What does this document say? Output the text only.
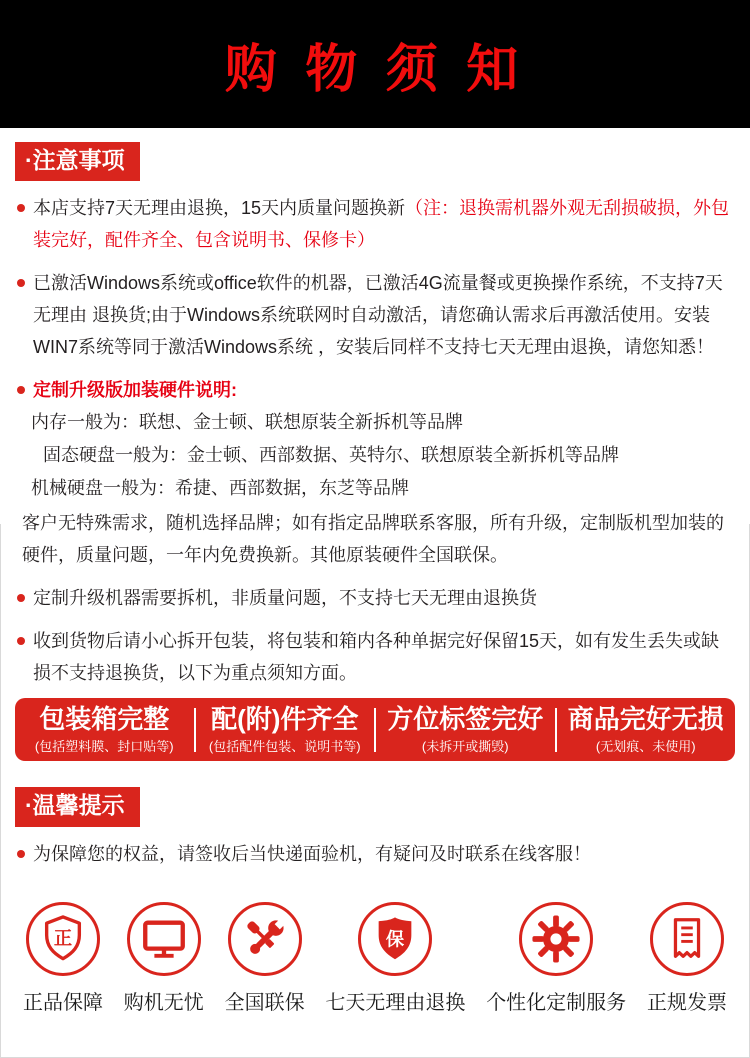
购 物 须 知
·注意事项

本店支持7天无理由退换，15天内质量问题换新（注：退换需机器外观无刮损破损，外包装完好，配件齐全、包含说明书、保修卡）

已激活Windows系统或office软件的机器，已激活4G流量餐或更换操作系统，不支持7天无理由 退换货;由于Windows系统联网时自动激活，请您确认需求后再激活使用。安装WIN7系统等同于激活Windows系统 ，安装后同样不支持七天无理由退换，请您知悉！

定制升级版加装硬件说明:

内存一般为：联想、金士顿、联想原装全新拆机等品牌

固态硬盘一般为：金士顿、西部数据、英特尔、联想原装全新拆机等品牌

机械硬盘一般为：希捷、西部数据，东芝等品牌

客户无特殊需求，随机选择品牌；如有指定品牌联系客服，所有升级，定制版机型加装的硬件，质量问题，一年内免费换新。其他原装硬件全国联保。

定制升级机器需要拆机，非质量问题，不支持七天无理由退换货

收到货物后请小心拆开包装，将包装和箱内各种单据完好保留15天，如有发生丢失或缺损不支持退换货，以下为重点须知方面。

包装箱完整
(包括塑料膜、封口贴等)
配(附)件齐全
(包括配件包装、说明书等)
方位标签完好
(未拆开或撕毁)
商品完好无损
(无划痕、未使用)
·温馨提示

为保障您的权益，请签收后当快递面验机，有疑问及时联系在线客服！

正
正品保障 购机无忧 全国联保
保
七天无理由退换 个性化定制服务 正规发票
